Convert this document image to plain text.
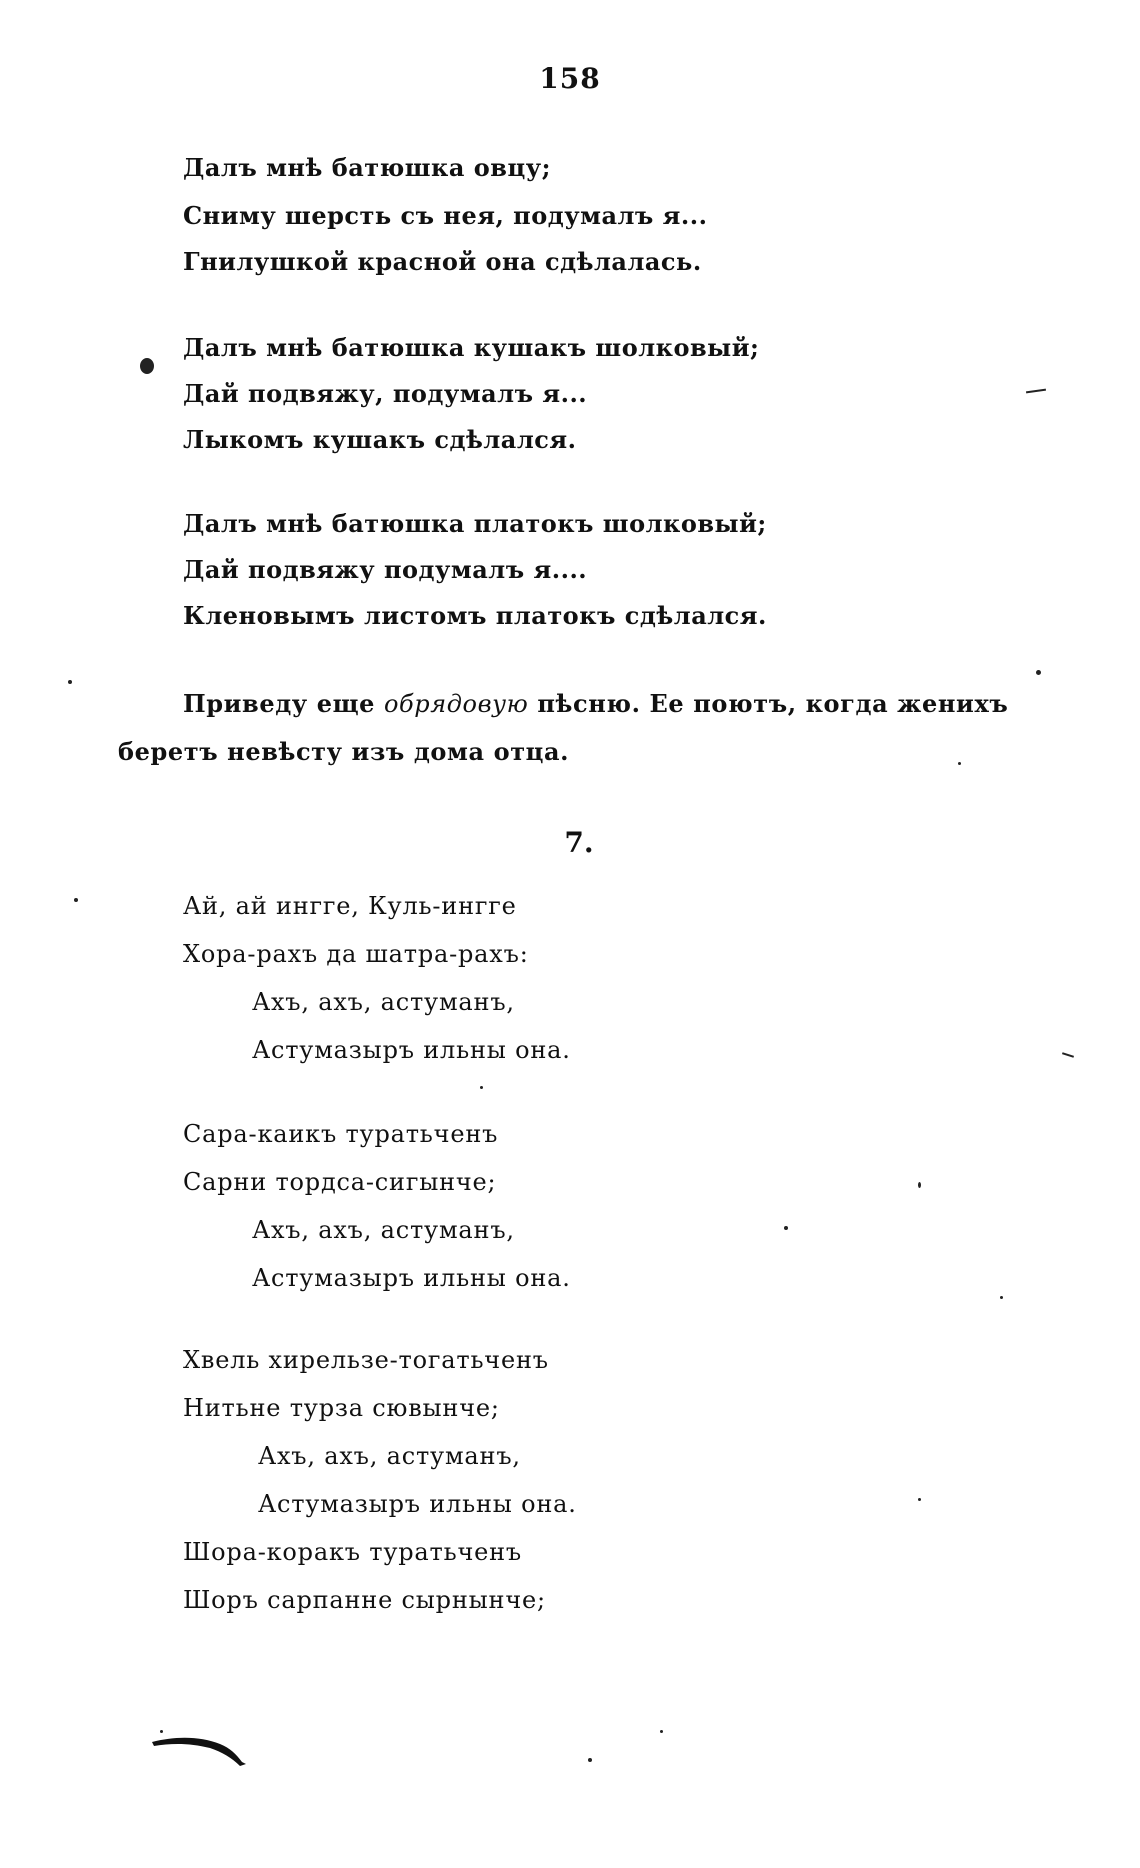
158
Далъ мнѣ батюшка овцу;
Сниму шерсть съ нея, подумалъ я...
Гнилушкой красной она сдѣлалась.
Далъ мнѣ батюшка кушакъ шолковый;
Дай подвяжу, подумалъ я...
Лыкомъ кушакъ сдѣлался.
Далъ мнѣ батюшка платокъ шолковый;
Дай подвяжу подумалъ я....
Кленовымъ листомъ платокъ сдѣлался.
Приведу еще обрядовую пѣсню. Ее поютъ, когда женихъ
беретъ невѣсту изъ дома отца.
7.
Ай, ай ингге, Куль-ингге
Хора-рахъ да шатра-рахъ:
Ахъ, ахъ, астуманъ,
Астумазыръ ильны она.
Сара-каикъ туратьченъ
Сарни тордса-сигынче;
Ахъ, ахъ, астуманъ,
Астумазыръ ильны она.
Хвель хирельзе-тогатьченъ
Нитьне турза сювынче;
Ахъ, ахъ, астуманъ,
Астумазыръ ильны она.
Шора-коракъ туратьченъ
Шоръ сарпанне сырнынче;
